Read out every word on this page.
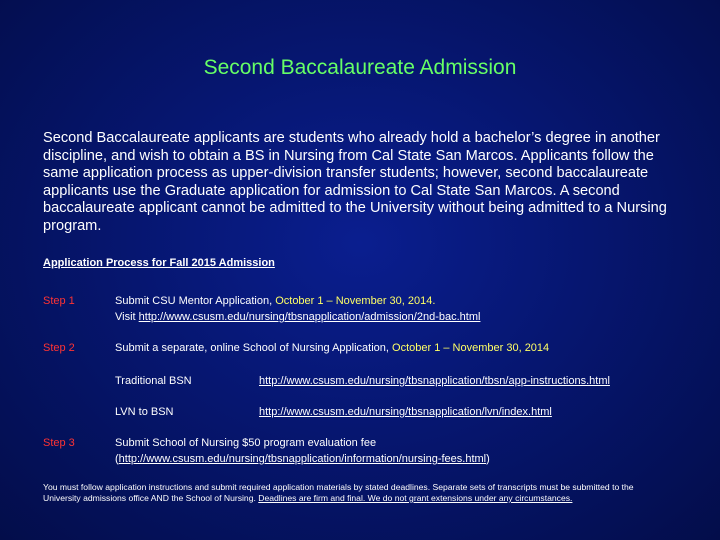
Second Baccalaureate Admission

Second Baccalaureate applicants are students who already hold a bachelor’s degree in another discipline, and wish to obtain a BS in Nursing from Cal State San Marcos. Applicants follow the same application process as upper-division transfer students; however, second baccalaureate applicants use the Graduate application for admission to Cal State San Marcos. A second baccalaureate applicant cannot be admitted to the University without being admitted to a Nursing program.

Application Process for Fall 2015 Admission
Step 1	Submit CSU Mentor Application, October 1 – November 30, 2014.
Visit http://www.csusm.edu/nursing/tbsnapplication/admission/2nd-bac.html
Step 2	Submit a separate, online School of Nursing Application, October 1 – November 30, 2014
Traditional BSN	http://www.csusm.edu/nursing/tbsnapplication/tbsn/app-instructions.html
LVN to BSN	http://www.csusm.edu/nursing/tbsnapplication/lvn/index.html
Step 3	Submit School of Nursing $50 program evaluation fee
(http://www.csusm.edu/nursing/tbsnapplication/information/nursing-fees.html)

You must follow application instructions and submit required application materials by stated deadlines. Separate sets of transcripts must be submitted to the University admissions office AND the School of Nursing. Deadlines are firm and final. We do not grant extensions under any circumstances.
